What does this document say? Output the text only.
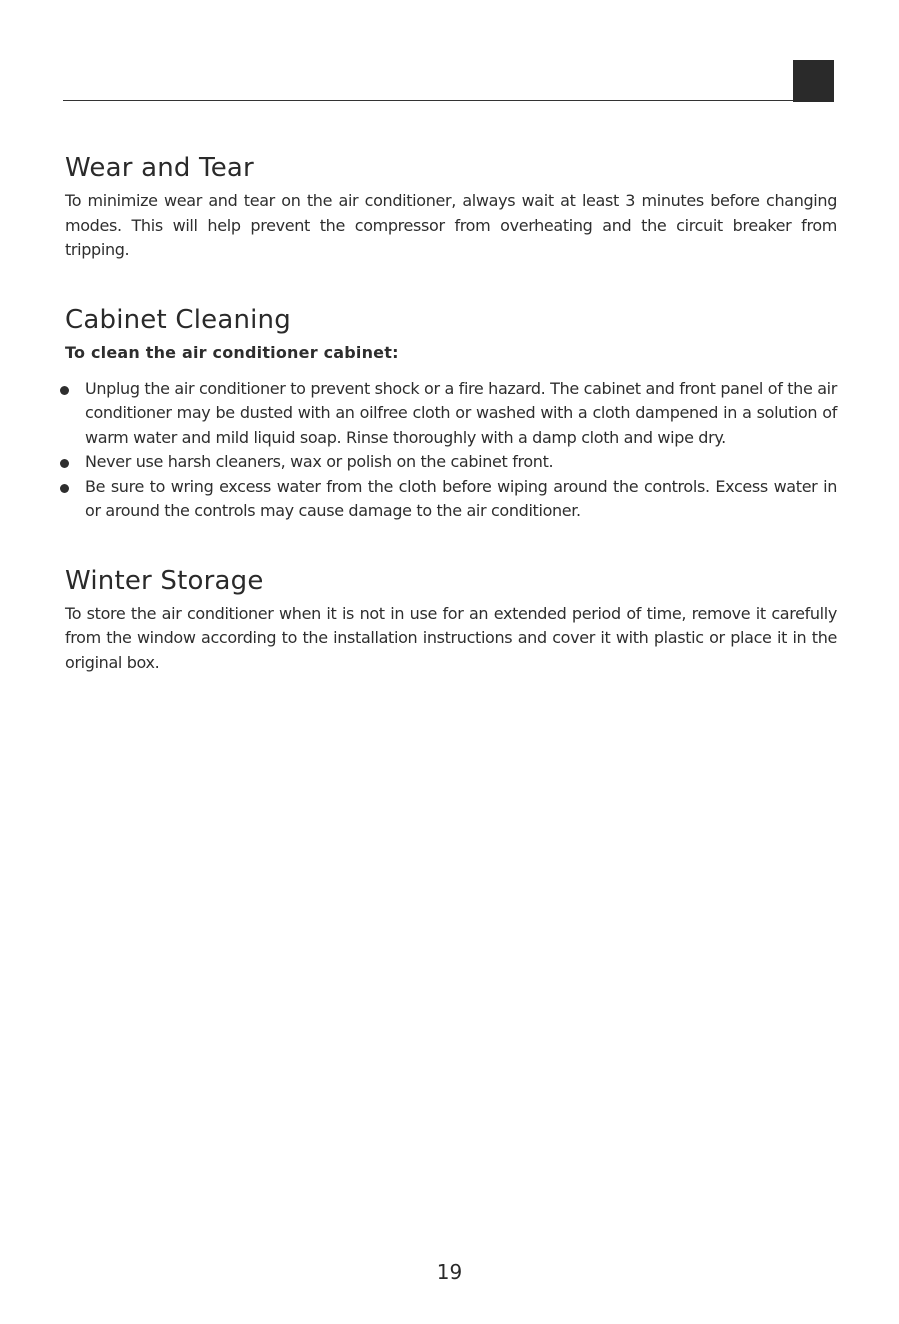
Wear and Tear

To minimize wear and tear on the air conditioner, always wait at least 3 minutes before changing modes. This will help prevent the compressor from overheating and the circuit breaker from tripping.

Cabinet Cleaning

To clean the air conditioner cabinet:

Unplug the air conditioner to prevent shock or a fire hazard. The cabinet and front panel of the air conditioner may be dusted with an oilfree cloth or washed with a cloth dampened in a solution of warm water and mild liquid soap. Rinse thoroughly with a damp cloth and wipe dry.
Never use harsh cleaners, wax or polish on the cabinet front.
Be sure to wring excess water from the cloth before wiping around the controls. Excess water in or around the controls may cause damage to the air conditioner.
Winter Storage

To store the air conditioner when it is not in use for an extended period of time, remove it carefully from the window according to the installation instructions and cover it with plastic or place it in the original box.

19
